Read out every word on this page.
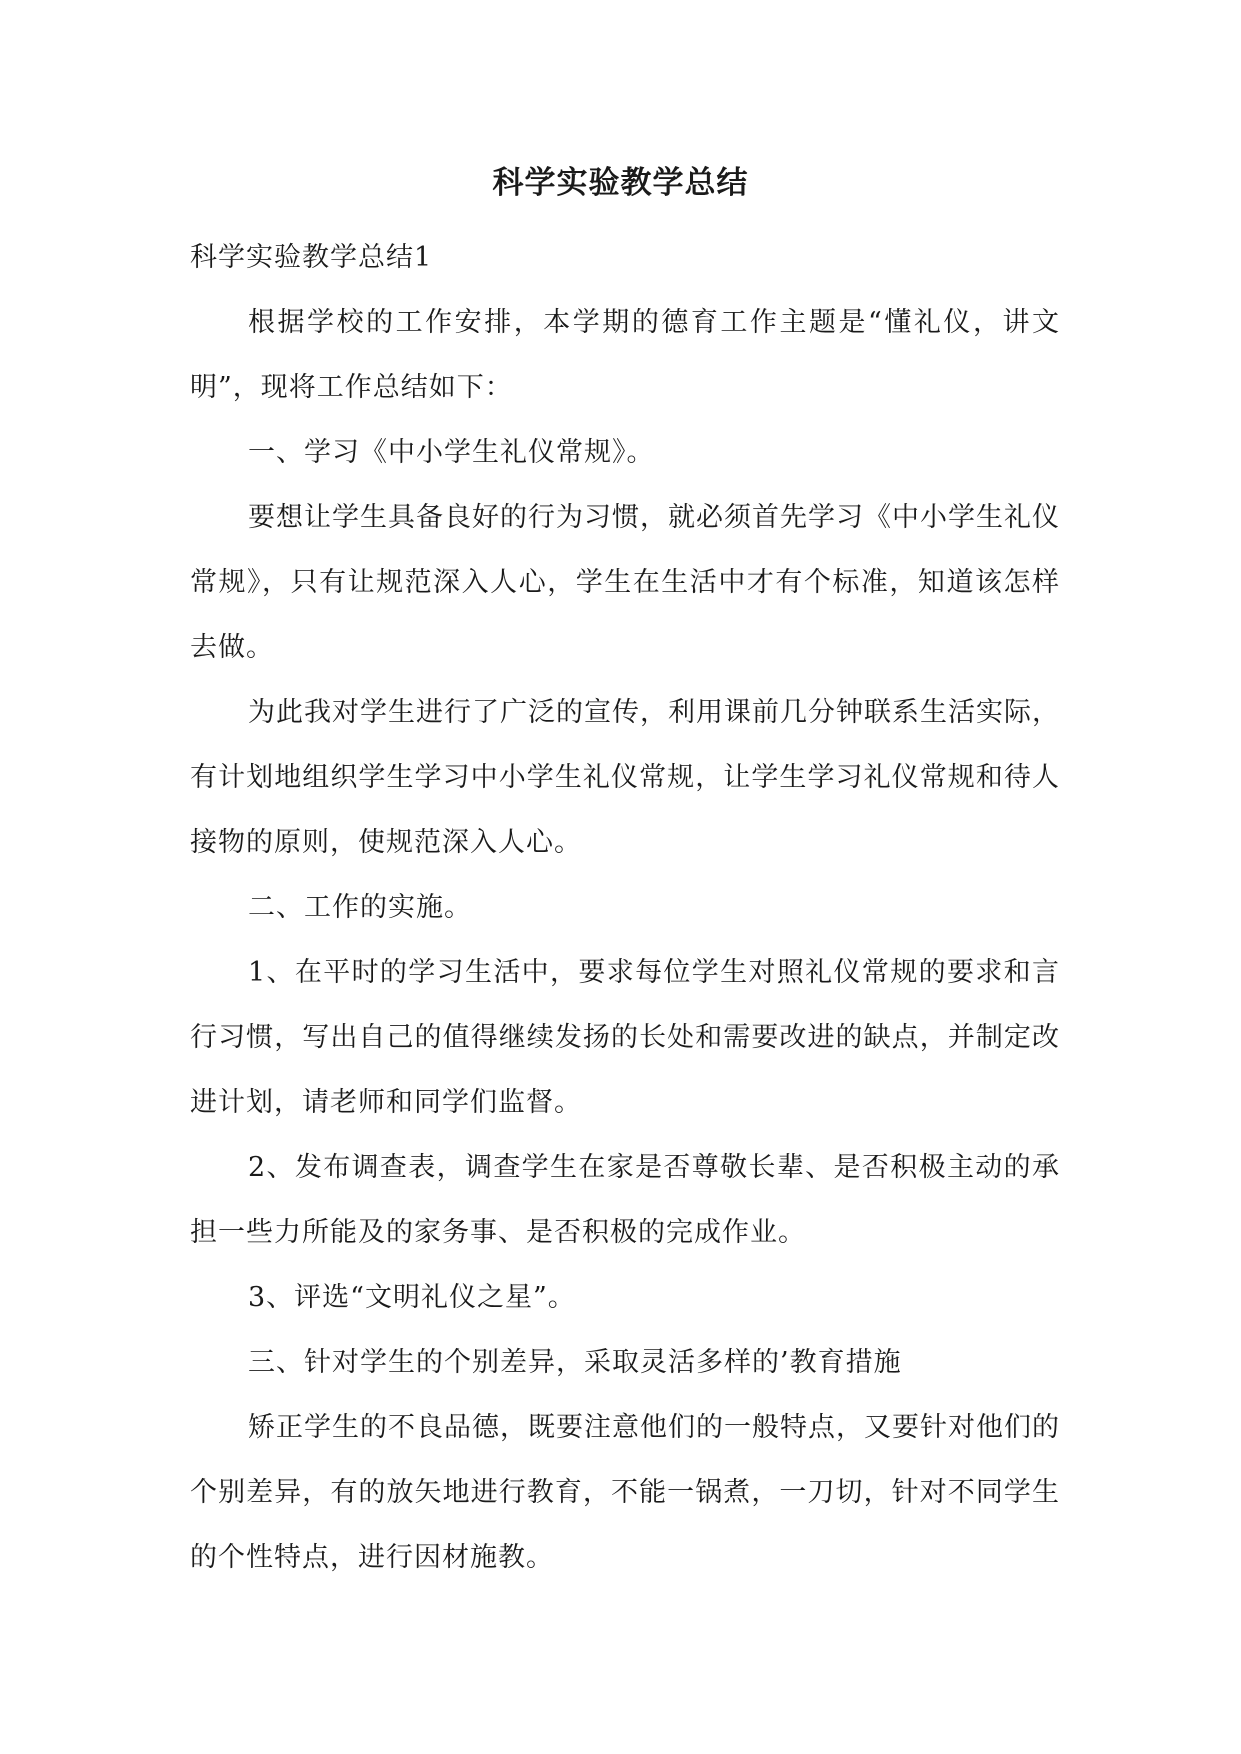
科学实验教学总结

科学实验教学总结1

根据学校的工作安排，本学期的德育工作主题是“懂礼仪，讲文明”，现将工作总结如下：

一、学习《中小学生礼仪常规》。

要想让学生具备良好的行为习惯，就必须首先学习《中小学生礼仪常规》，只有让规范深入人心，学生在生活中才有个标准，知道该怎样去做。

为此我对学生进行了广泛的宣传，利用课前几分钟联系生活实际，有计划地组织学生学习中小学生礼仪常规，让学生学习礼仪常规和待人接物的原则，使规范深入人心。

二、工作的实施。

1、在平时的学习生活中，要求每位学生对照礼仪常规的要求和言行习惯，写出自己的值得继续发扬的长处和需要改进的缺点，并制定改进计划，请老师和同学们监督。

2、发布调查表，调查学生在家是否尊敬长辈、是否积极主动的承担一些力所能及的家务事、是否积极的完成作业。

3、评选“文明礼仪之星”。

三、针对学生的个别差异，采取灵活多样的’教育措施

矫正学生的不良品德，既要注意他们的一般特点，又要针对他们的个别差异，有的放矢地进行教育，不能一锅煮，一刀切，针对不同学生的个性特点，进行因材施教。
